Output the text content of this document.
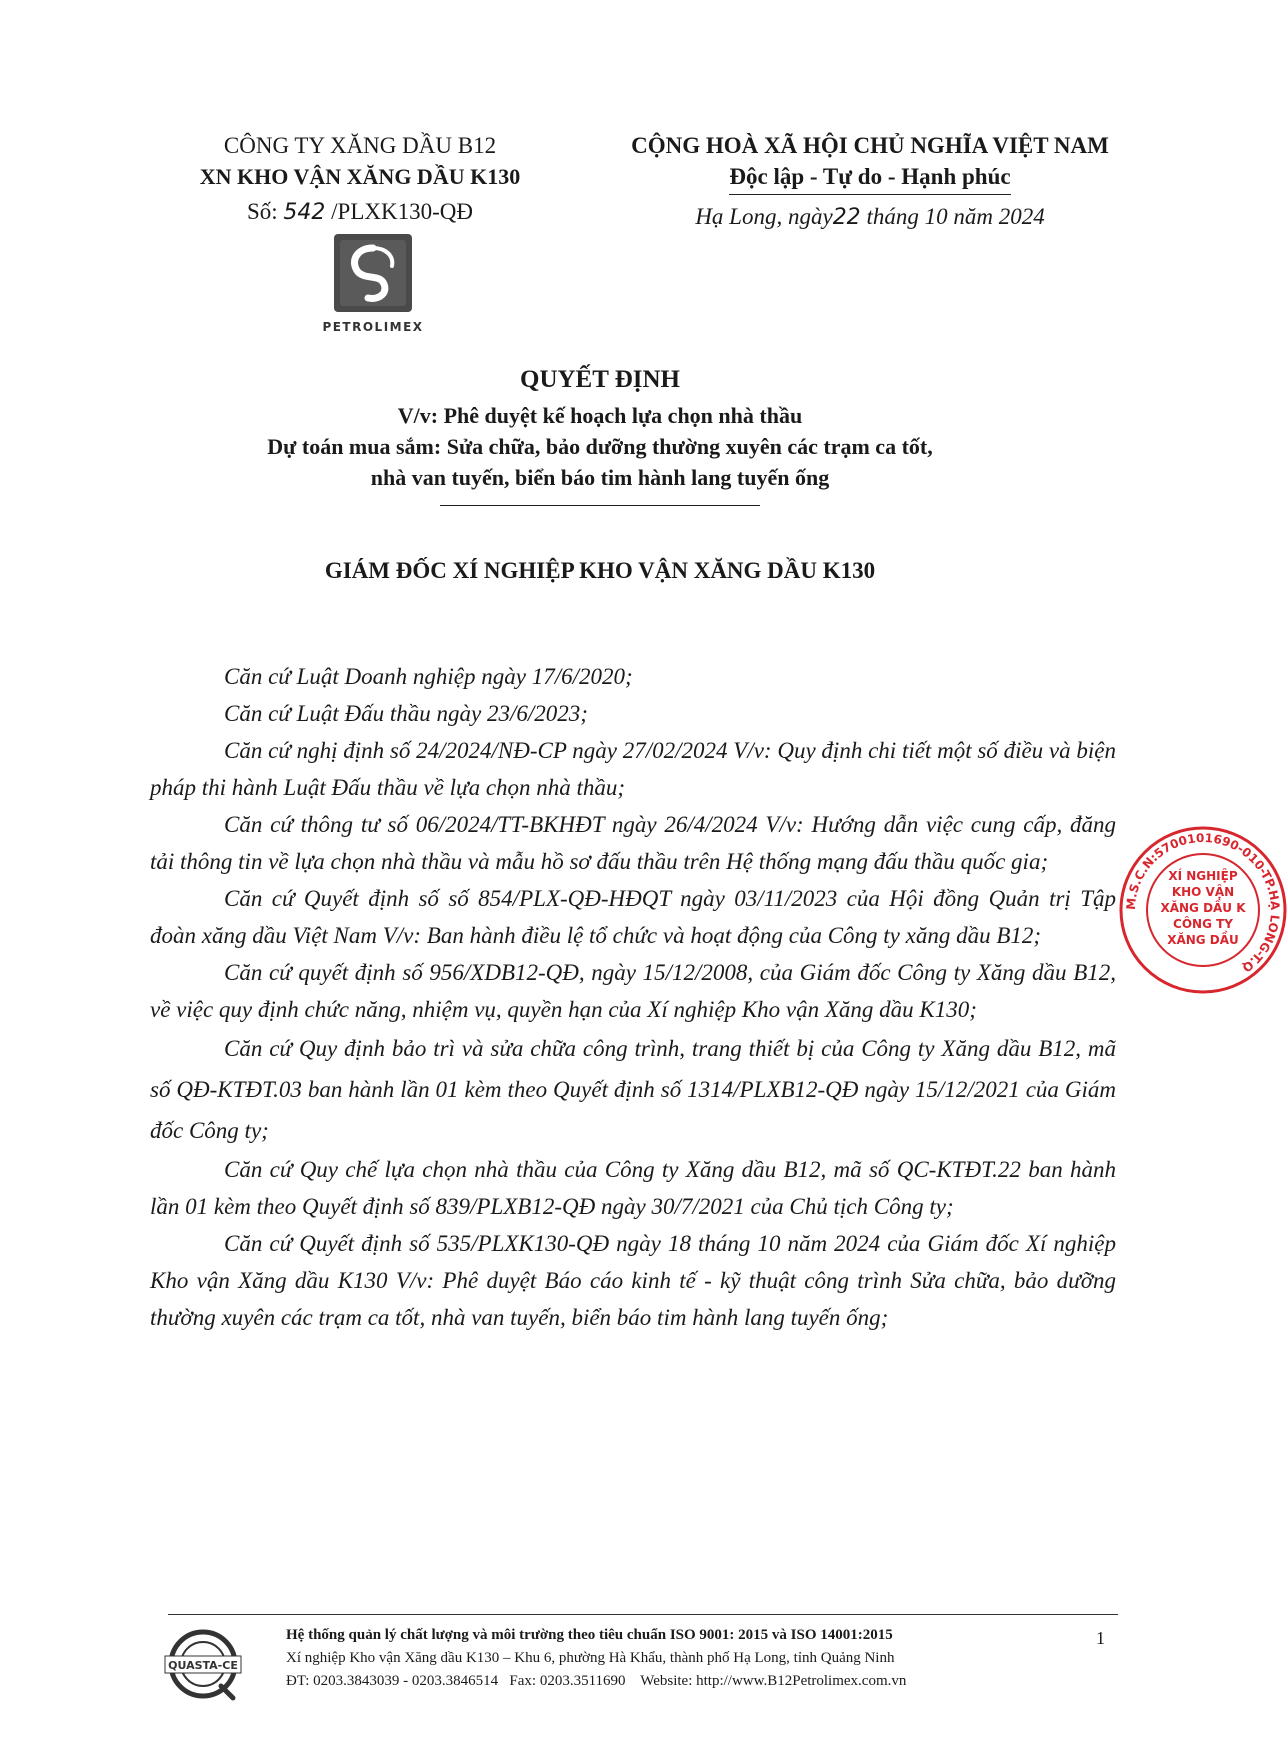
CÔNG TY XĂNG DẦU B12
XN KHO VẬN XĂNG DẦU K130
Số: 542 /PLXK130-QĐ
PETROLIMEX
CỘNG HOÀ XÃ HỘI CHỦ NGHĨA VIỆT NAM
Độc lập - Tự do - Hạnh phúc
Hạ Long, ngày22 tháng 10 năm 2024
QUYẾT ĐỊNH
V/v: Phê duyệt kế hoạch lựa chọn nhà thầu
Dự toán mua sắm: Sửa chữa, bảo dưỡng thường xuyên các trạm ca tốt,
nhà van tuyến, biển báo tim hành lang tuyến ống
GIÁM ĐỐC XÍ NGHIỆP KHO VẬN XĂNG DẦU K130

Căn cứ Luật Doanh nghiệp ngày 17/6/2020;

Căn cứ Luật Đấu thầu ngày 23/6/2023;

Căn cứ nghị định số 24/2024/NĐ-CP ngày 27/02/2024 V/v: Quy định chi tiết một số điều và biện pháp thi hành Luật Đấu thầu về lựa chọn nhà thầu;

Căn cứ thông tư số 06/2024/TT-BKHĐT ngày 26/4/2024 V/v: Hướng dẫn việc cung cấp, đăng tải thông tin về lựa chọn nhà thầu và mẫu hồ sơ đấu thầu trên Hệ thống mạng đấu thầu quốc gia;

Căn cứ Quyết định số số 854/PLX-QĐ-HĐQT ngày 03/11/2023 của Hội đồng Quản trị Tập đoàn xăng dầu Việt Nam V/v: Ban hành điều lệ tổ chức và hoạt động của Công ty xăng dầu B12;

Căn cứ quyết định số 956/XDB12-QĐ, ngày 15/12/2008, của Giám đốc Công ty Xăng dầu B12, về việc quy định chức năng, nhiệm vụ, quyền hạn của Xí nghiệp Kho vận Xăng dầu K130;

Căn cứ Quy định bảo trì và sửa chữa công trình, trang thiết bị của Công ty Xăng dầu B12, mã số QĐ-KTĐT.03 ban hành lần 01 kèm theo Quyết định số 1314/PLXB12-QĐ ngày 15/12/2021 của Giám đốc Công ty;

Căn cứ Quy chế lựa chọn nhà thầu của Công ty Xăng dầu B12, mã số QC-KTĐT.22 ban hành lần 01 kèm theo Quyết định số 839/PLXB12-QĐ ngày 30/7/2021 của Chủ tịch Công ty;

Căn cứ Quyết định số 535/PLXK130-QĐ ngày 18 tháng 10 năm 2024 của Giám đốc Xí nghiệp Kho vận Xăng dầu K130 V/v: Phê duyệt Báo cáo kinh tế - kỹ thuật công trình Sửa chữa, bảo dưỡng thường xuyên các trạm ca tốt, nhà van tuyến, biển báo tim hành lang tuyến ống;

M.S.C.N:5700101690-010-TP.HẠ LONG-T.Q
XÍ NGHIỆP
KHO VẬN
XĂNG DẦU K
CÔNG TY
XĂNG DẦU
QUASTA-CE
Hệ thống quản lý chất lượng và môi trường theo tiêu chuẩn ISO 9001: 2015 và ISO 14001:2015
Xí nghiệp Kho vận Xăng dầu K130 – Khu 6, phường Hà Khẩu, thành phố Hạ Long, tỉnh Quảng Ninh
ĐT: 0203.3843039 - 0203.3846514   Fax: 0203.3511690    Website: http://www.B12Petrolimex.com.vn
1
